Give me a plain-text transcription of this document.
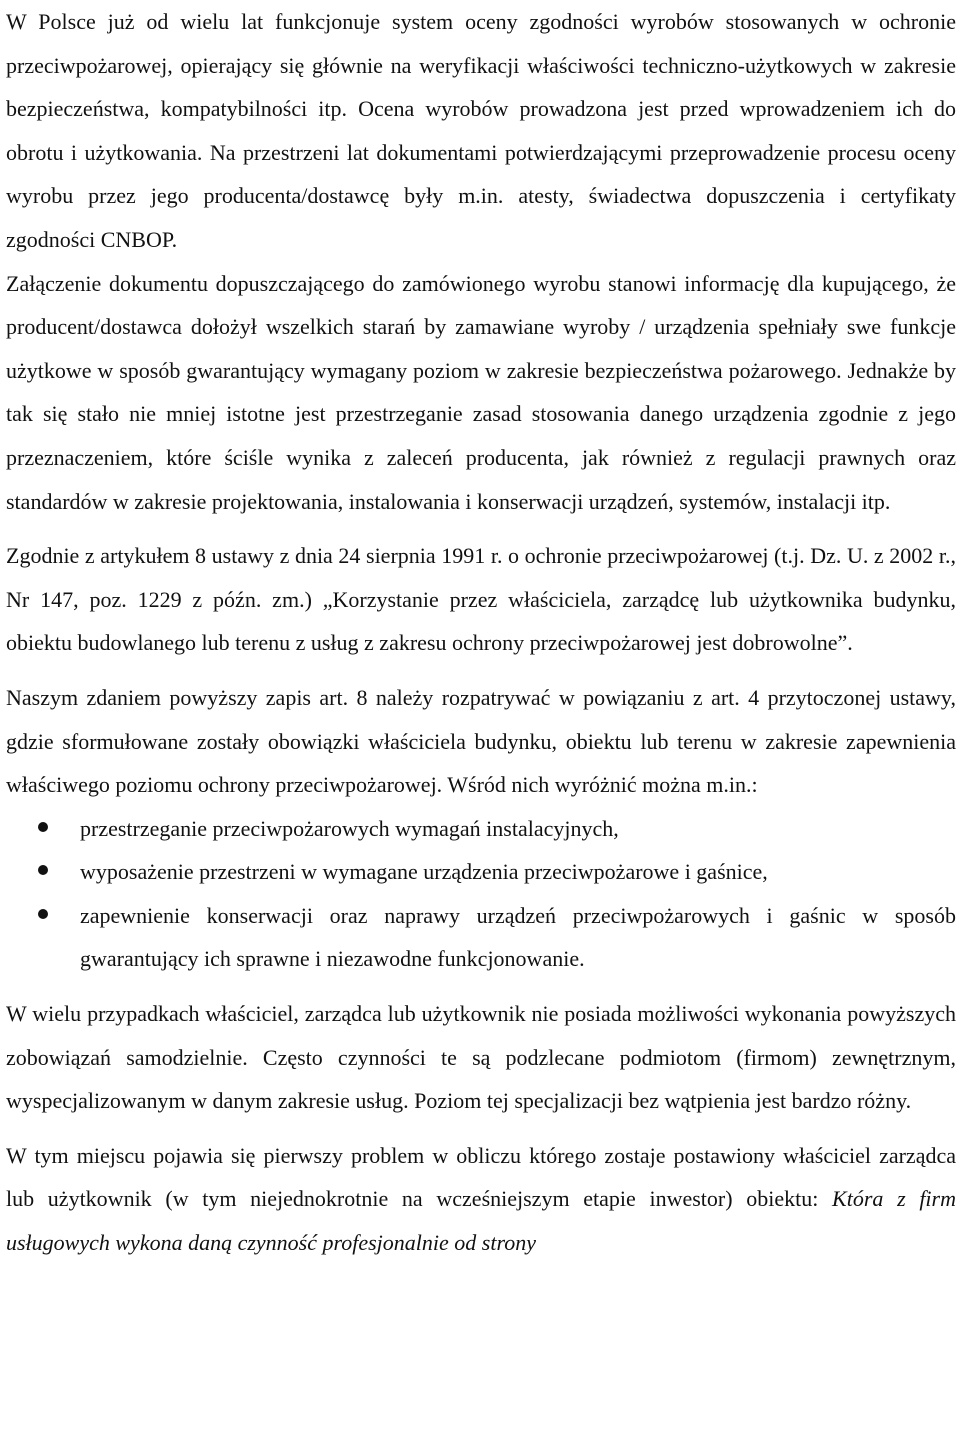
W Polsce już od wielu lat funkcjonuje system oceny zgodności wyrobów stosowanych w ochronie przeciwpożarowej, opierający się głównie na weryfikacji właściwości techniczno-użytkowych w zakresie bezpieczeństwa, kompatybilności itp. Ocena wyrobów prowadzona jest przed wprowadzeniem ich do obrotu i użytkowania. Na przestrzeni lat dokumentami potwierdzającymi przeprowadzenie procesu oceny wyrobu przez jego producenta/dostawcę były m.in. atesty, świadectwa dopuszczenia i certyfikaty zgodności CNBOP.

Załączenie dokumentu dopuszczającego do zamówionego wyrobu stanowi informację dla kupującego, że producent/dostawca dołożył wszelkich starań by zamawiane wyroby / urządzenia spełniały swe funkcje użytkowe w sposób gwarantujący wymagany poziom w zakresie bezpieczeństwa pożarowego. Jednakże by tak się stało nie mniej istotne jest przestrzeganie zasad stosowania danego urządzenia zgodnie z jego przeznaczeniem, które ściśle wynika z zaleceń producenta, jak również z regulacji prawnych oraz standardów w zakresie projektowania, instalowania i konserwacji urządzeń, systemów, instalacji itp.

Zgodnie z artykułem 8 ustawy z dnia 24 sierpnia 1991 r. o ochronie przeciwpożarowej (t.j. Dz. U. z 2002 r., Nr 147, poz. 1229 z późn. zm.) „Korzystanie przez właściciela, zarządcę lub użytkownika budynku, obiektu budowlanego lub terenu z usług z zakresu ochrony przeciwpożarowej jest dobrowolne”.

Naszym zdaniem powyższy zapis art. 8 należy rozpatrywać w powiązaniu z art. 4 przytoczonej ustawy, gdzie sformułowane zostały obowiązki właściciela budynku, obiektu lub terenu w zakresie zapewnienia właściwego poziomu ochrony przeciwpożarowej. Wśród nich wyróżnić można m.in.:

przestrzeganie przeciwpożarowych wymagań instalacyjnych,
wyposażenie przestrzeni w wymagane urządzenia przeciwpożarowe i gaśnice,
zapewnienie konserwacji oraz naprawy urządzeń przeciwpożarowych i gaśnic w sposób gwarantujący ich sprawne i niezawodne funkcjonowanie.

W wielu przypadkach właściciel, zarządca lub użytkownik nie posiada możliwości wykonania powyższych zobowiązań samodzielnie. Często czynności te są podzlecane podmiotom (firmom) zewnętrznym, wyspecjalizowanym w danym zakresie usług. Poziom tej specjalizacji bez wątpienia jest bardzo różny.

W tym miejscu pojawia się pierwszy problem w obliczu którego zostaje postawiony właściciel zarządca lub użytkownik (w tym niejednokrotnie na wcześniejszym etapie inwestor) obiektu: Która z firm usługowych wykona daną czynność profesjonalnie od strony
